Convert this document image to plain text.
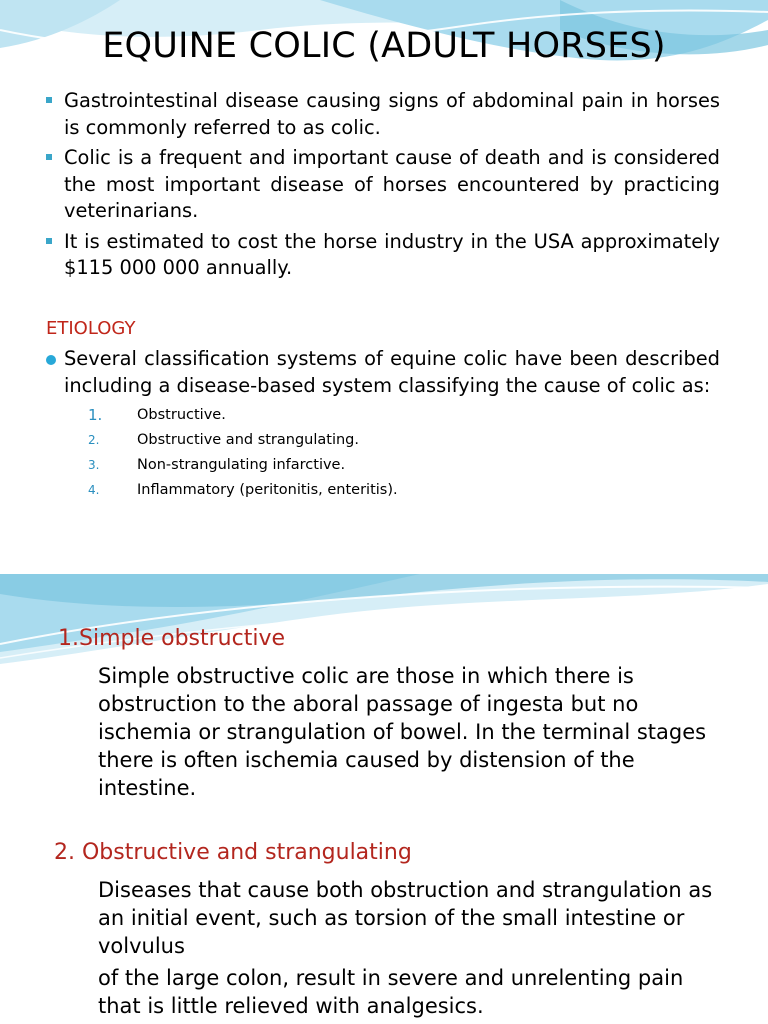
EQUINE COLIC (ADULT HORSES)
Gastrointestinal disease causing signs of abdominal pain in horses is commonly referred to as colic.
Colic is a frequent and important cause of death and is considered the most important disease of horses encountered by practicing veterinarians.
It is estimated to cost the horse industry in the USA approximately $115 000 000 annually.
ETIOLOGY
Several classification systems of equine colic have been described including a disease-based system classifying the cause of colic as:
1. Obstructive.
2.	Obstructive and strangulating.
3.	Non-strangulating infarctive.
4.	Inflammatory (peritonitis, enteritis).
1.Simple obstructive
Simple obstructive colic are those in which there is obstruction to the aboral passage of ingesta but no ischemia or strangulation of bowel. In the terminal stages there is often ischemia caused by distension of the intestine.
2. Obstructive and strangulating
Diseases that cause both obstruction and strangulation as an initial event, such as torsion of the small intestine or volvulus
of the large colon, result in severe and unrelenting pain that is little relieved with analgesics.
